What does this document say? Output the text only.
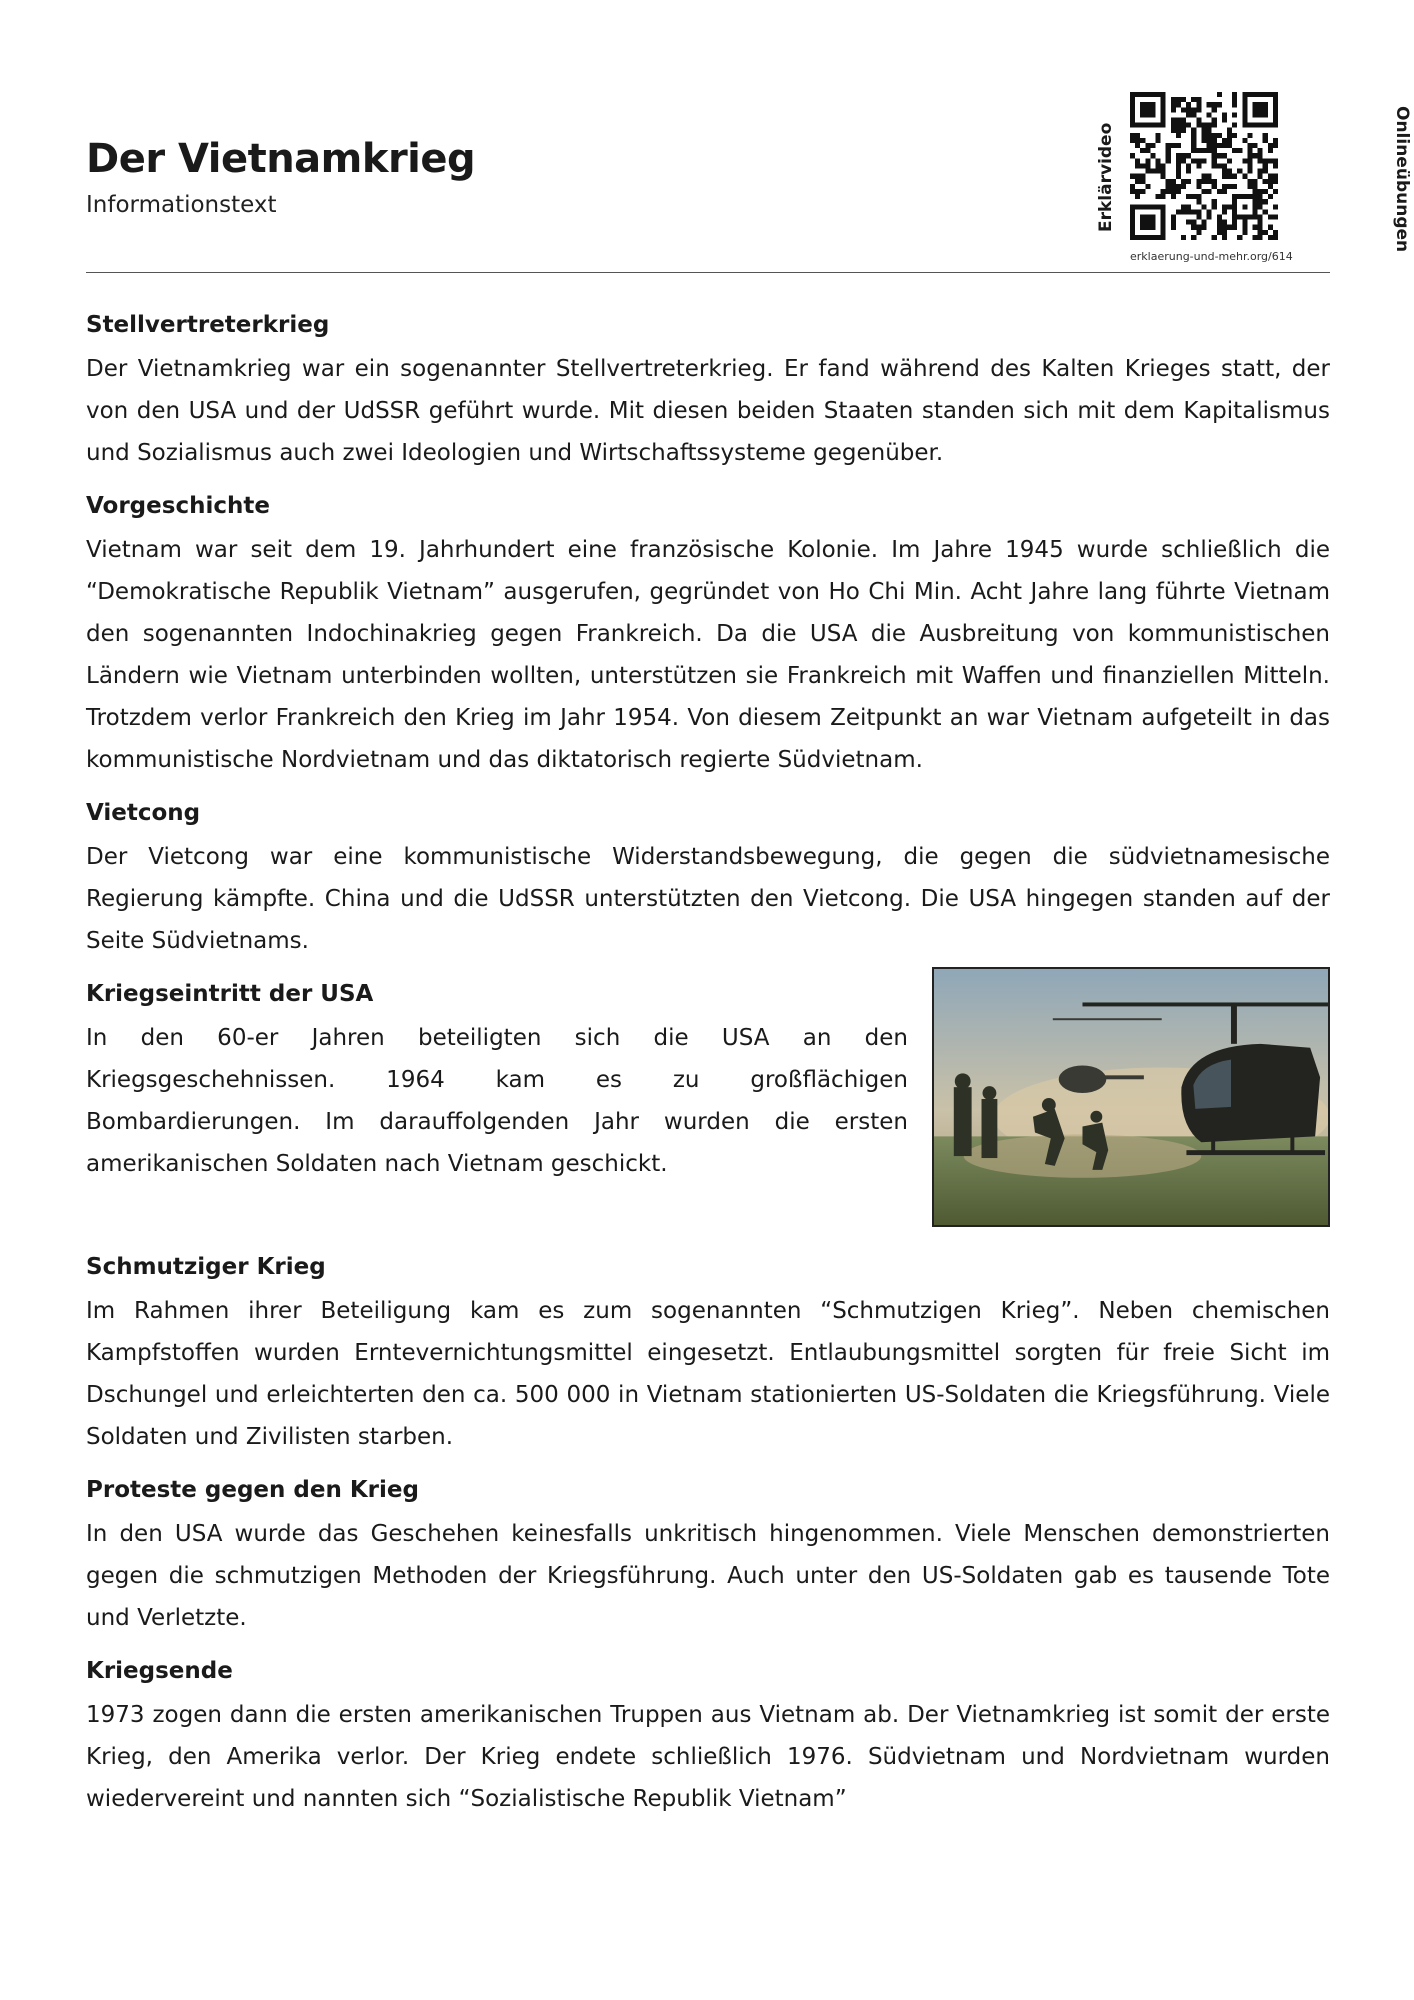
Der Vietnamkrieg
Informationstext	Erklärvideo	Onlineübungen
erklaerung-und-mehr.org/614
Stellvertreterkrieg

Der Vietnamkrieg war ein sogenannter Stellvertreterkrieg. Er fand während des Kalten Krieges statt, der von den USA und der UdSSR geführt wurde. Mit diesen beiden Staaten standen sich mit dem Kapitalismus und Sozialismus auch zwei Ideologien und Wirtschaftssysteme gegenüber.

Vorgeschichte

Vietnam war seit dem 19. Jahrhundert eine französische Kolonie. Im Jahre 1945 wurde schließlich die “Demokratische Republik Vietnam” ausgerufen, gegründet von Ho Chi Min. Acht Jahre lang führte Vietnam den sogenannten Indochinakrieg gegen Frankreich. Da die USA die Ausbreitung von kommunistischen Ländern wie Vietnam unterbinden wollten, unterstützen sie Frankreich mit Waffen und finanziellen Mitteln. Trotzdem verlor Frankreich den Krieg im Jahr 1954. Von diesem Zeitpunkt an war Vietnam aufgeteilt in das kommunistische Nordvietnam und das diktatorisch regierte Südvietnam.

Vietcong

Der Vietcong war eine kommunistische Widerstandsbewegung, die gegen die südvietnamesische Regierung kämpfte. China und die UdSSR unterstützten den Vietcong. Die USA hingegen standen auf der Seite Südvietnams.

Kriegseintritt der USA

In den 60-er Jahren beteiligten sich die USA an den Kriegsgeschehnissen. 1964 kam es zu großflächigen Bombardierungen. Im darauffolgenden Jahr wurden die ersten amerikanischen Soldaten nach Vietnam geschickt.

Schmutziger Krieg

Im Rahmen ihrer Beteiligung kam es zum sogenannten “Schmutzigen Krieg”. Neben chemischen Kampfstoffen wurden Erntevernichtungsmittel eingesetzt. Entlaubungsmittel sorgten für freie Sicht im Dschungel und erleichterten den ca. 500 000 in Vietnam stationierten US-Soldaten die Kriegsführung. Viele Soldaten und Zivilisten starben.

Proteste gegen den Krieg

In den USA wurde das Geschehen keinesfalls unkritisch hingenommen. Viele Menschen demonstrierten gegen die schmutzigen Methoden der Kriegsführung. Auch unter den US-Soldaten gab es tausende Tote und Verletzte.

Kriegsende

1973 zogen dann die ersten amerikanischen Truppen aus Vietnam ab. Der Vietnamkrieg ist somit der erste Krieg, den Amerika verlor. Der Krieg endete schließlich 1976. Südvietnam und Nordvietnam wurden wiedervereint und nannten sich “Sozialistische Republik Vietnam”
